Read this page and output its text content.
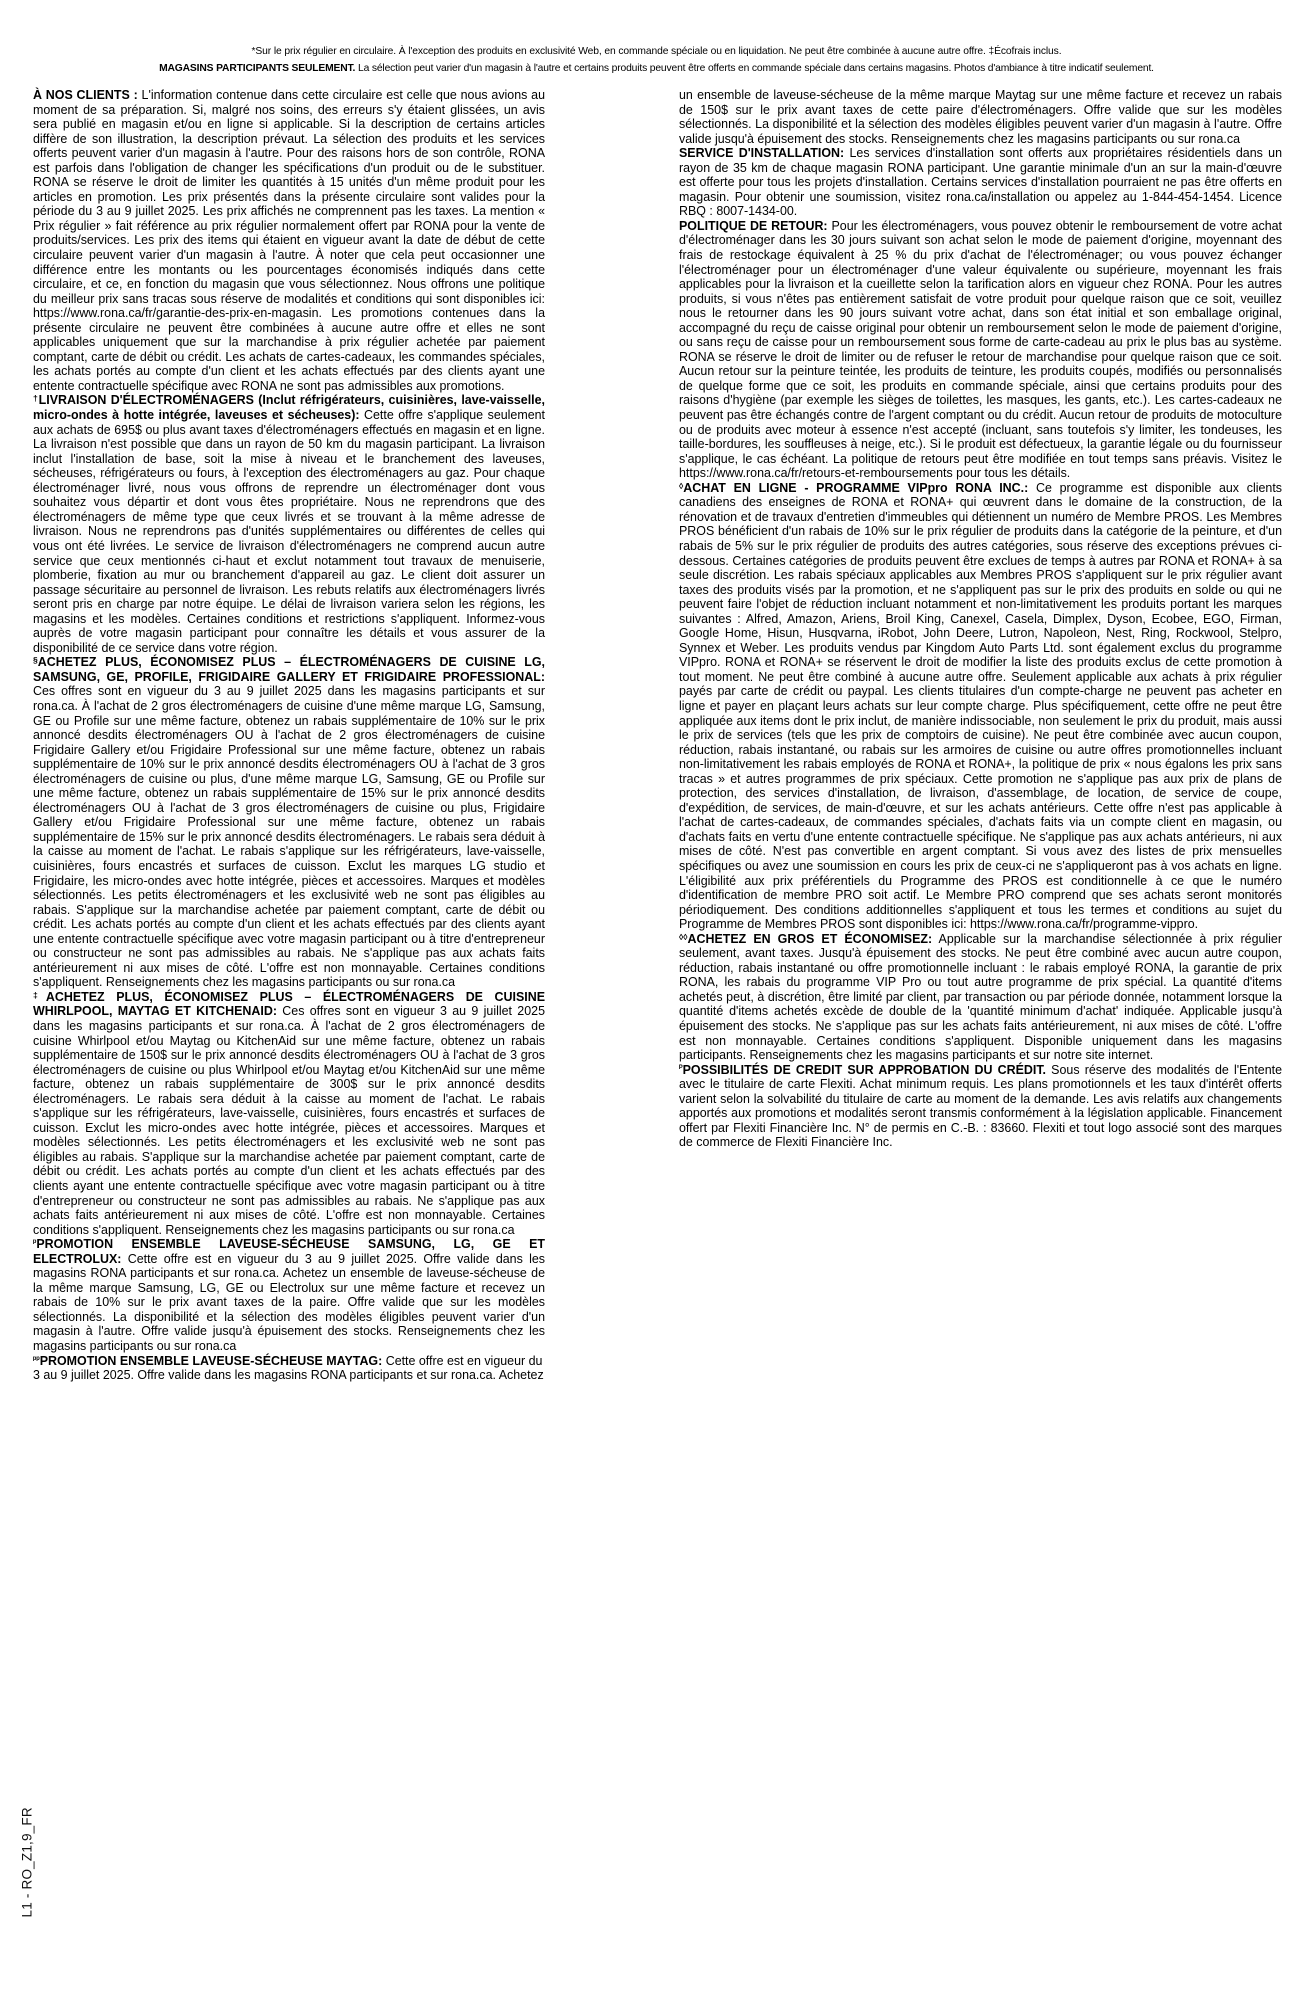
L1 - RO_Z1,9_FR
*Sur le prix régulier en circulaire. À l'exception des produits en exclusivité Web, en commande spéciale ou en liquidation. Ne peut être combinée à aucune autre offre. ‡Écofrais inclus.
MAGASINS PARTICIPANTS SEULEMENT. La sélection peut varier d'un magasin à l'autre et certains produits peuvent être offerts en commande spéciale dans certains magasins. Photos d'ambiance à titre indicatif seulement.

À NOS CLIENTS : L'information contenue dans cette circulaire est celle que nous avions au moment de sa préparation. Si, malgré nos soins, des erreurs s'y étaient glissées, un avis sera publié en magasin et/ou en ligne si applicable. Si la description de certains articles diffère de son illustration, la description prévaut. La sélection des produits et les services offerts peuvent varier d'un magasin à l'autre. Pour des raisons hors de son contrôle, RONA est parfois dans l'obligation de changer les spécifications d'un produit ou de le substituer. RONA se réserve le droit de limiter les quantités à 15 unités d'un même produit pour les articles en promotion. Les prix présentés dans la présente circulaire sont valides pour la période du 3 au 9 juillet 2025. Les prix affichés ne comprennent pas les taxes. La mention « Prix régulier » fait référence au prix régulier normalement offert par RONA pour la vente de produits/services. Les prix des items qui étaient en vigueur avant la date de début de cette circulaire peuvent varier d'un magasin à l'autre. À noter que cela peut occasionner une différence entre les montants ou les pourcentages économisés indiqués dans cette circulaire, et ce, en fonction du magasin que vous sélectionnez. Nous offrons une politique du meilleur prix sans tracas sous réserve de modalités et conditions qui sont disponibles ici: https://www.rona.ca/fr/garantie-des-prix-en-magasin. Les promotions contenues dans la présente circulaire ne peuvent être combinées à aucune autre offre et elles ne sont applicables uniquement que sur la marchandise à prix régulier achetée par paiement comptant, carte de débit ou crédit. Les achats de cartes-cadeaux, les commandes spéciales, les achats portés au compte d'un client et les achats effectués par des clients ayant une entente contractuelle spécifique avec RONA ne sont pas admissibles aux promotions.

†LIVRAISON D'ÉLECTROMÉNAGERS (Inclut réfrigérateurs, cuisinières, lave-vaisselle, micro-ondes à hotte intégrée, laveuses et sécheuses): Cette offre s'applique seulement aux achats de 695$ ou plus avant taxes d'électroménagers effectués en magasin et en ligne. La livraison n'est possible que dans un rayon de 50 km du magasin participant. La livraison inclut l'installation de base, soit la mise à niveau et le branchement des laveuses, sécheuses, réfrigérateurs ou fours, à l'exception des électroménagers au gaz. Pour chaque électroménager livré, nous vous offrons de reprendre un électroménager dont vous souhaitez vous départir et dont vous êtes propriétaire. Nous ne reprendrons que des électroménagers de même type que ceux livrés et se trouvant à la même adresse de livraison. Nous ne reprendrons pas d'unités supplémentaires ou différentes de celles qui vous ont été livrées. Le service de livraison d'électroménagers ne comprend aucun autre service que ceux mentionnés ci-haut et exclut notamment tout travaux de menuiserie, plomberie, fixation au mur ou branchement d'appareil au gaz. Le client doit assurer un passage sécuritaire au personnel de livraison. Les rebuts relatifs aux électroménagers livrés seront pris en charge par notre équipe. Le délai de livraison variera selon les régions, les magasins et les modèles. Certaines conditions et restrictions s'appliquent. Informez-vous auprès de votre magasin participant pour connaître les détails et vous assurer de la disponibilité de ce service dans votre région.

§ACHETEZ PLUS, ÉCONOMISEZ PLUS – ÉLECTROMÉNAGERS DE CUISINE LG, SAMSUNG, GE, PROFILE, FRIGIDAIRE GALLERY ET FRIGIDAIRE PROFESSIONAL: Ces offres sont en vigueur du 3 au 9 juillet 2025 dans les magasins participants et sur rona.ca. À l'achat de 2 gros électroménagers de cuisine d'une même marque LG, Samsung, GE ou Profile sur une même facture, obtenez un rabais supplémentaire de 10% sur le prix annoncé desdits électroménagers OU à l'achat de 2 gros électroménagers de cuisine Frigidaire Gallery et/ou Frigidaire Professional sur une même facture, obtenez un rabais supplémentaire de 10% sur le prix annoncé desdits électroménagers OU à l'achat de 3 gros électroménagers de cuisine ou plus, d'une même marque LG, Samsung, GE ou Profile sur une même facture, obtenez un rabais supplémentaire de 15% sur le prix annoncé desdits électroménagers OU à l'achat de 3 gros électroménagers de cuisine ou plus, Frigidaire Gallery et/ou Frigidaire Professional sur une même facture, obtenez un rabais supplémentaire de 15% sur le prix annoncé desdits électroménagers. Le rabais sera déduit à la caisse au moment de l'achat. Le rabais s'applique sur les réfrigérateurs, lave-vaisselle, cuisinières, fours encastrés et surfaces de cuisson. Exclut les marques LG studio et Frigidaire, les micro-ondes avec hotte intégrée, pièces et accessoires. Marques et modèles sélectionnés. Les petits électroménagers et les exclusivité web ne sont pas éligibles au rabais. S'applique sur la marchandise achetée par paiement comptant, carte de débit ou crédit. Les achats portés au compte d'un client et les achats effectués par des clients ayant une entente contractuelle spécifique avec votre magasin participant ou à titre d'entrepreneur ou constructeur ne sont pas admissibles au rabais. Ne s'applique pas aux achats faits antérieurement ni aux mises de côté. L'offre est non monnayable. Certaines conditions s'appliquent. Renseignements chez les magasins participants ou sur rona.ca

‡ACHETEZ PLUS, ÉCONOMISEZ PLUS – ÉLECTROMÉNAGERS DE CUISINE WHIRLPOOL, MAYTAG ET KITCHENAID: Ces offres sont en vigueur 3 au 9 juillet 2025 dans les magasins participants et sur rona.ca. À l'achat de 2 gros électroménagers de cuisine Whirlpool et/ou Maytag ou KitchenAid sur une même facture, obtenez un rabais supplémentaire de 150$ sur le prix annoncé desdits électroménagers OU à l'achat de 3 gros électroménagers de cuisine ou plus Whirlpool et/ou Maytag et/ou KitchenAid sur une même facture, obtenez un rabais supplémentaire de 300$ sur le prix annoncé desdits électroménagers. Le rabais sera déduit à la caisse au moment de l'achat. Le rabais s'applique sur les réfrigérateurs, lave-vaisselle, cuisinières, fours encastrés et surfaces de cuisson. Exclut les micro-ondes avec hotte intégrée, pièces et accessoires. Marques et modèles sélectionnés. Les petits électroménagers et les exclusivité web ne sont pas éligibles au rabais. S'applique sur la marchandise achetée par paiement comptant, carte de débit ou crédit. Les achats portés au compte d'un client et les achats effectués par des clients ayant une entente contractuelle spécifique avec votre magasin participant ou à titre d'entrepreneur ou constructeur ne sont pas admissibles au rabais. Ne s'applique pas aux achats faits antérieurement ni aux mises de côté. L'offre est non monnayable. Certaines conditions s'appliquent. Renseignements chez les magasins participants ou sur rona.ca

$^ᵖ$PROMOTION ENSEMBLE LAVEUSE-SÉCHEUSE SAMSUNG, LG, GE ET ELECTROLUX: Cette offre est en vigueur du 3 au 9 juillet 2025. Offre valide dans les magasins RONA participants et sur rona.ca. Achetez un ensemble de laveuse-sécheuse de la même marque Samsung, LG, GE ou Electrolux sur une même facture et recevez un rabais de 10% sur le prix avant taxes de la paire. Offre valide que sur les modèles sélectionnés. La disponibilité et la sélection des modèles éligibles peuvent varier d'un magasin à l'autre. Offre valide jusqu'à épuisement des stocks. Renseignements chez les magasins participants ou sur rona.ca

$^{ᵖᵖ}$PROMOTION ENSEMBLE LAVEUSE-SÉCHEUSE MAYTAG: Cette offre est en vigueur du 3 au 9 juillet 2025. Offre valide dans les magasins RONA participants et sur rona.ca. Achetez

un ensemble de laveuse-sécheuse de la même marque Maytag sur une même facture et recevez un rabais de 150$ sur le prix avant taxes de cette paire d'électroménagers. Offre valide que sur les modèles sélectionnés. La disponibilité et la sélection des modèles éligibles peuvent varier d'un magasin à l'autre. Offre valide jusqu'à épuisement des stocks. Renseignements chez les magasins participants ou sur rona.ca

SERVICE D'INSTALLATION: Les services d'installation sont offerts aux propriétaires résidentiels dans un rayon de 35 km de chaque magasin RONA participant. Une garantie minimale d'un an sur la main-d'œuvre est offerte pour tous les projets d'installation. Certains services d'installation pourraient ne pas être offerts en magasin. Pour obtenir une soumission, visitez rona.ca/installation ou appelez au 1-844-454-1454. Licence RBQ : 8007-1434-00.

POLITIQUE DE RETOUR: Pour les électroménagers, vous pouvez obtenir le remboursement de votre achat d'électroménager dans les 30 jours suivant son achat selon le mode de paiement d'origine, moyennant des frais de restockage équivalent à 25 % du prix d'achat de l'électroménager; ou vous pouvez échanger l'électroménager pour un électroménager d'une valeur équivalente ou supérieure, moyennant les frais applicables pour la livraison et la cueillette selon la tarification alors en vigueur chez RONA. Pour les autres produits, si vous n'êtes pas entièrement satisfait de votre produit pour quelque raison que ce soit, veuillez nous le retourner dans les 90 jours suivant votre achat, dans son état initial et son emballage original, accompagné du reçu de caisse original pour obtenir un remboursement selon le mode de paiement d'origine, ou sans reçu de caisse pour un remboursement sous forme de carte-cadeau au prix le plus bas au système. RONA se réserve le droit de limiter ou de refuser le retour de marchandise pour quelque raison que ce soit. Aucun retour sur la peinture teintée, les produits de teinture, les produits coupés, modifiés ou personnalisés de quelque forme que ce soit, les produits en commande spéciale, ainsi que certains produits pour des raisons d'hygiène (par exemple les sièges de toilettes, les masques, les gants, etc.). Les cartes-cadeaux ne peuvent pas être échangés contre de l'argent comptant ou du crédit. Aucun retour de produits de motoculture ou de produits avec moteur à essence n'est accepté (incluant, sans toutefois s'y limiter, les tondeuses, les taille-bordures, les souffleuses à neige, etc.). Si le produit est défectueux, la garantie légale ou du fournisseur s'applique, le cas échéant. La politique de retours peut être modifiée en tout temps sans préavis. Visitez le https://www.rona.ca/fr/retours-et-remboursements pour tous les détails.

◊ACHAT EN LIGNE - PROGRAMME VIPpro RONA INC.: Ce programme est disponible aux clients canadiens des enseignes de RONA et RONA+ qui œuvrent dans le domaine de la construction, de la rénovation et de travaux d'entretien d'immeubles qui détiennent un numéro de Membre PROS. Les Membres PROS bénéficient d'un rabais de 10% sur le prix régulier de produits dans la catégorie de la peinture, et d'un rabais de 5% sur le prix régulier de produits des autres catégories, sous réserve des exceptions prévues ci-dessous. Certaines catégories de produits peuvent être exclues de temps à autres par RONA et RONA+ à sa seule discrétion. Les rabais spéciaux applicables aux Membres PROS s'appliquent sur le prix régulier avant taxes des produits visés par la promotion, et ne s'appliquent pas sur le prix des produits en solde ou qui ne peuvent faire l'objet de réduction incluant notamment et non-limitativement les produits portant les marques suivantes : Alfred, Amazon, Ariens, Broil King, Canexel, Casela, Dimplex, Dyson, Ecobee, EGO, Firman, Google Home, Hisun, Husqvarna, iRobot, John Deere, Lutron, Napoleon, Nest, Ring, Rockwool, Stelpro, Synnex et Weber. Les produits vendus par Kingdom Auto Parts Ltd. sont également exclus du programme VIPpro. RONA et RONA+ se réservent le droit de modifier la liste des produits exclus de cette promotion à tout moment. Ne peut être combiné à aucune autre offre. Seulement applicable aux achats à prix régulier payés par carte de crédit ou paypal. Les clients titulaires d'un compte-charge ne peuvent pas acheter en ligne et payer en plaçant leurs achats sur leur compte charge. Plus spécifiquement, cette offre ne peut être appliquée aux items dont le prix inclut, de manière indissociable, non seulement le prix du produit, mais aussi le prix de services (tels que les prix de comptoirs de cuisine). Ne peut être combinée avec aucun coupon, réduction, rabais instantané, ou rabais sur les armoires de cuisine ou autre offres promotionnelles incluant non-limitativement les rabais employés de RONA et RONA+, la politique de prix « nous égalons les prix sans tracas » et autres programmes de prix spéciaux. Cette promotion ne s'applique pas aux prix de plans de protection, des services d'installation, de livraison, d'assemblage, de location, de service de coupe, d'expédition, de services, de main-d'œuvre, et sur les achats antérieurs. Cette offre n'est pas applicable à l'achat de cartes-cadeaux, de commandes spéciales, d'achats faits via un compte client en magasin, ou d'achats faits en vertu d'une entente contractuelle spécifique. Ne s'applique pas aux achats antérieurs, ni aux mises de côté. N'est pas convertible en argent comptant. Si vous avez des listes de prix mensuelles spécifiques ou avez une soumission en cours les prix de ceux-ci ne s'appliqueront pas à vos achats en ligne. L'éligibilité aux prix préférentiels du Programme des PROS est conditionnelle à ce que le numéro d'identification de membre PRO soit actif. Le Membre PRO comprend que ses achats seront monitorés périodiquement. Des conditions additionnelles s'appliquent et tous les termes et conditions au sujet du Programme de Membres PROS sont disponibles ici: https://www.rona.ca/fr/programme-vippro.

◊◊ACHETEZ EN GROS ET ÉCONOMISEZ: Applicable sur la marchandise sélectionnée à prix régulier seulement, avant taxes. Jusqu'à épuisement des stocks. Ne peut être combiné avec aucun autre coupon, réduction, rabais instantané ou offre promotionnelle incluant : le rabais employé RONA, la garantie de prix RONA, les rabais du programme VIP Pro ou tout autre programme de prix spécial. La quantité d'items achetés peut, à discrétion, être limité par client, par transaction ou par période donnée, notamment lorsque la quantité d'items achetés excède de double de la 'quantité minimum d'achat' indiquée. Applicable jusqu'à épuisement des stocks. Ne s'applique pas sur les achats faits antérieurement, ni aux mises de côté. L'offre est non monnayable. Certaines conditions s'appliquent. Disponible uniquement dans les magasins participants. Renseignements chez les magasins participants et sur notre site internet.

$^ᴾ$POSSIBILITÉS DE CREDIT SUR APPROBATION DU CRÉDIT. Sous réserve des modalités de l'Entente avec le titulaire de carte Flexiti. Achat minimum requis. Les plans promotionnels et les taux d'intérêt offerts varient selon la solvabilité du titulaire de carte au moment de la demande. Les avis relatifs aux changements apportés aux promotions et modalités seront transmis conformément à la législation applicable. Financement offert par Flexiti Financière Inc. N° de permis en C.-B. : 83660. Flexiti et tout logo associé sont des marques de commerce de Flexiti Financière Inc.
